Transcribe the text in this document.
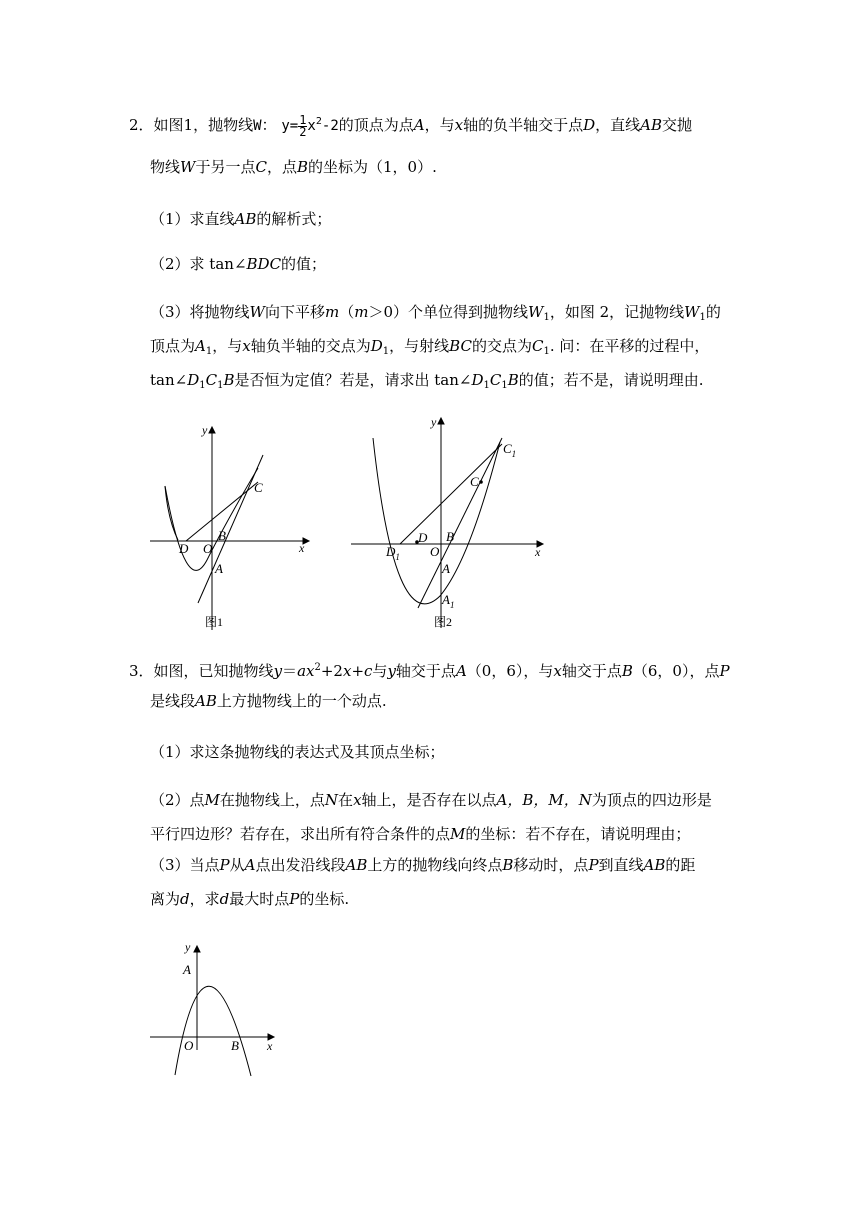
2．如图1，抛物线W： $y= \frac{1}{2} x^2-2$的顶点为点A，与x轴的负半轴交于点D，直线AB交抛
物线W于另一点C，点B的坐标为（1，0）.
（1）求直线AB的解析式；
（2）求 tan∠BDC的值；
（3）将抛物线W向下平移m（m＞0）个单位得到抛物线$W_1$，如图 2，记抛物线$W_1$的
顶点为$A_1$，与x轴负半轴的交点为$D_1$，与射线BC的交点为$C_1$. 问：在平移的过程中，
$\tan\angle D_1C_1B$是否恒为定值？若是，请求出 $\tan\angle D_1C_1B$的值；若不是，请说明理由.
y
x
C
B
D O
A
图1
y
x
$C_1$
C
D B
$D_1$ O
A
$A_1$
图2
3．如图，已知抛物线$y=ax^2+2x+c$与y轴交于点A（0，6），与x轴交于点B（6，0），点P
是线段AB上方抛物线上的一个动点.
（1）求这条抛物线的表达式及其顶点坐标；
（2）点M在抛物线上，点N在x轴上，是否存在以点A，B，M，N为顶点的四边形是
平行四边形？若存在，求出所有符合条件的点M的坐标：若不存在，请说明理由；
（3）当点P从A点出发沿线段AB上方的抛物线向终点B移动时，点P到直线AB的距
离为d，求d最大时点P的坐标.
y
A
O	B x
